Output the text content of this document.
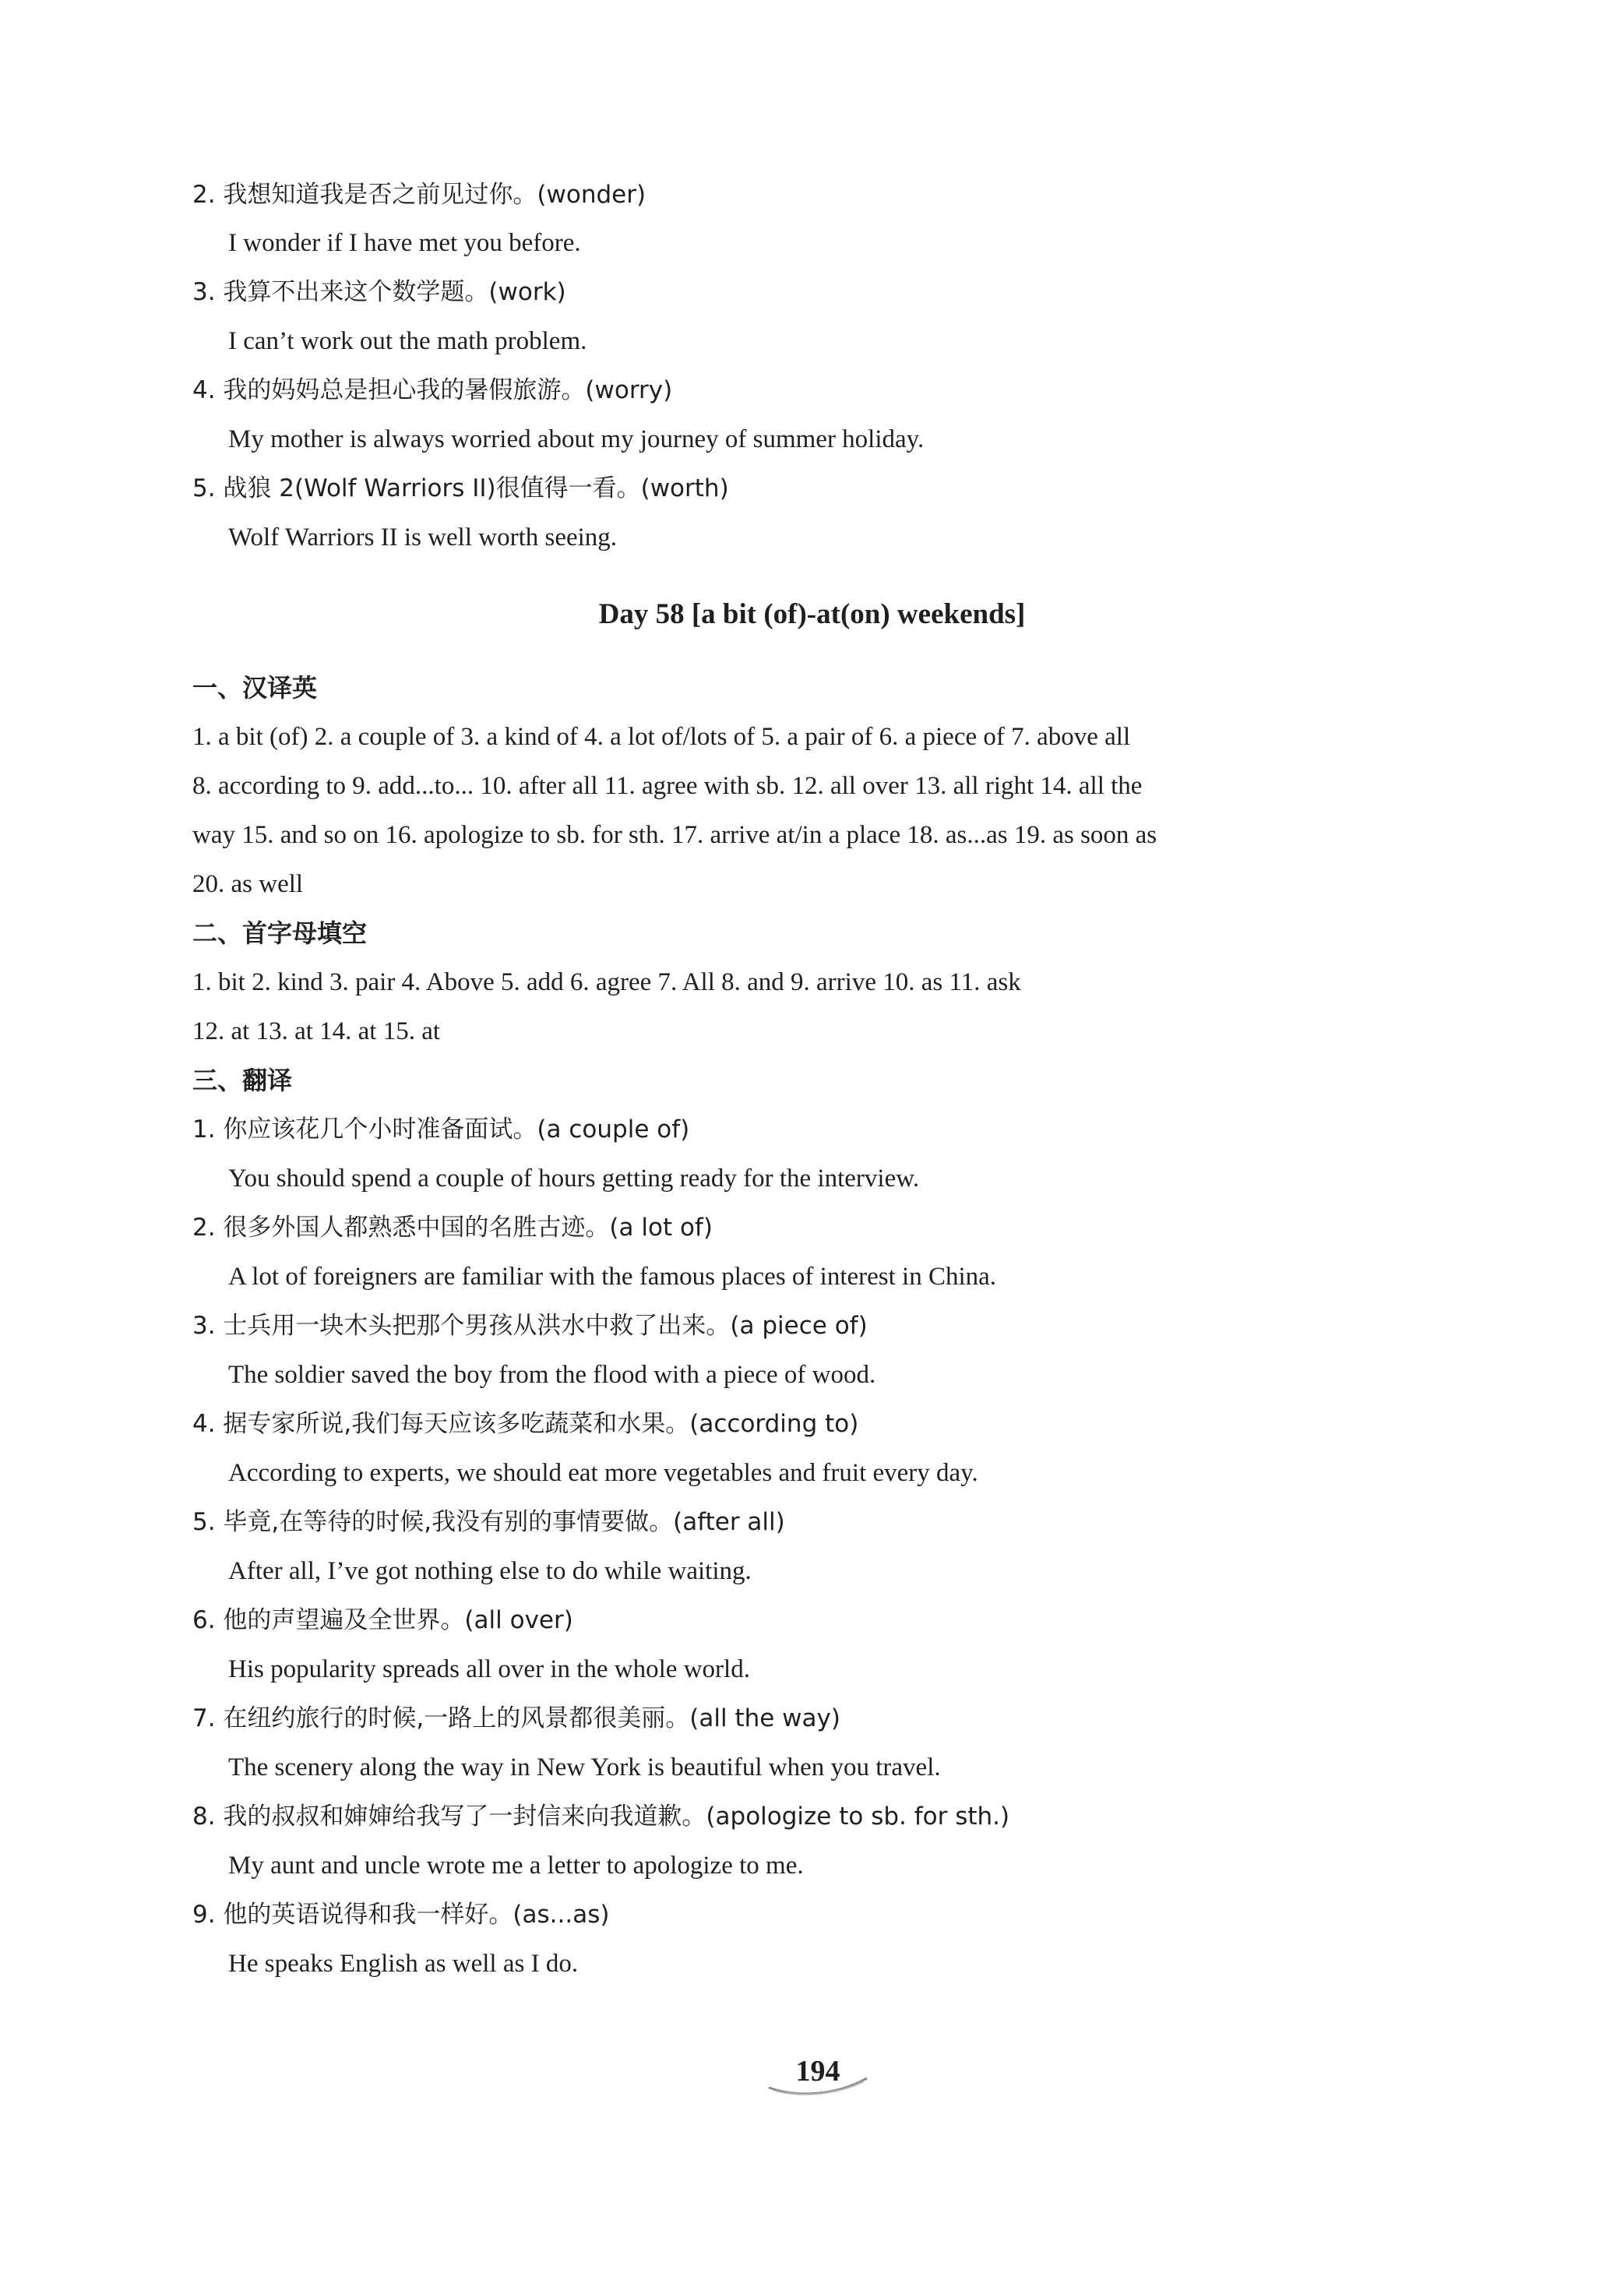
2. 我想知道我是否之前见过你。(wonder)
I wonder if I have met you before.
3. 我算不出来这个数学题。(work)
I can’t work out the math problem.
4. 我的妈妈总是担心我的暑假旅游。(worry)
My mother is always worried about my journey of summer holiday.
5. 战狼 2(Wolf Warriors II)很值得一看。(worth)
Wolf Warriors II is well worth seeing.
Day 58 [a bit (of)-at(on) weekends]
一、汉译英
1. a bit (of) 2. a couple of 3. a kind of 4. a lot of/lots of 5. a pair of 6. a piece of 7. above all
8. according to 9. add...to... 10. after all 11. agree with sb. 12. all over 13. all right 14. all the
way 15. and so on 16. apologize to sb. for sth. 17. arrive at/in a place 18. as...as 19. as soon as
20. as well
二、首字母填空
1. bit 2. kind 3. pair 4. Above 5. add 6. agree 7. All 8. and 9. arrive 10. as 11. ask
12. at 13. at 14. at 15. at
三、翻译
1. 你应该花几个小时准备面试。(a couple of)
You should spend a couple of hours getting ready for the interview.
2. 很多外国人都熟悉中国的名胜古迹。(a lot of)
A lot of foreigners are familiar with the famous places of interest in China.
3. 士兵用一块木头把那个男孩从洪水中救了出来。(a piece of)
The soldier saved the boy from the flood with a piece of wood.
4. 据专家所说,我们每天应该多吃蔬菜和水果。(according to)
According to experts, we should eat more vegetables and fruit every day.
5. 毕竟,在等待的时候,我没有别的事情要做。(after all)
After all, I’ve got nothing else to do while waiting.
6. 他的声望遍及全世界。(all over)
His popularity spreads all over in the whole world.
7. 在纽约旅行的时候,一路上的风景都很美丽。(all the way)
The scenery along the way in New York is beautiful when you travel.
8. 我的叔叔和婶婶给我写了一封信来向我道歉。(apologize to sb. for sth.)
My aunt and uncle wrote me a letter to apologize to me.
9. 他的英语说得和我一样好。(as...as)
He speaks English as well as I do.
194
